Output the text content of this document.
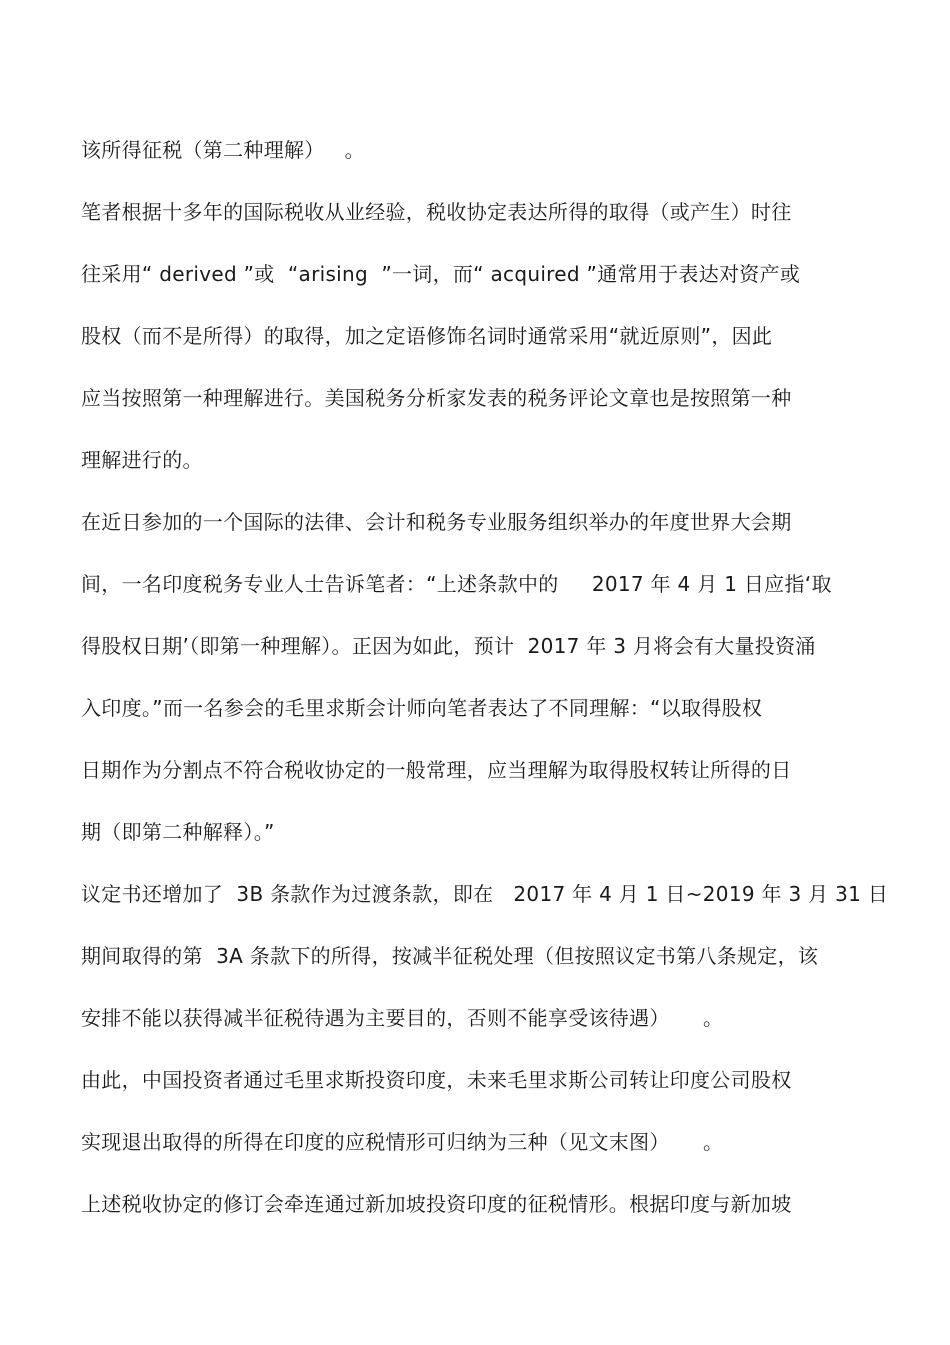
该所得征税（第二种理解）   。
笔者根据十多年的国际税收从业经验，税收协定表达所得的取得（或产生）时往
往采用“ derived ”或  “arising  ”一词，而“ acquired ”通常用于表达对资产或
股权（而不是所得）的取得，加之定语修饰名词时通常采用“就近原则”，因此
应当按照第一种理解进行。美国税务分析家发表的税务评论文章也是按照第一种
理解进行的。
在近日参加的一个国际的法律、会计和税务专业服务组织举办的年度世界大会期
间，一名印度税务专业人士告诉笔者：“上述条款中的     2017 年 4 月 1 日应指‘取
得股权日期’（即第一种理解）。正因为如此，预计  2017 年 3 月将会有大量投资涌
入印度。”而一名参会的毛里求斯会计师向笔者表达了不同理解：“以取得股权
日期作为分割点不符合税收协定的一般常理，应当理解为取得股权转让所得的日
期（即第二种解释）。”
议定书还增加了  3B 条款作为过渡条款，即在   2017 年 4 月 1 日~2019 年 3 月 31 日
期间取得的第  3A 条款下的所得，按减半征税处理（但按照议定书第八条规定，该
安排不能以获得减半征税待遇为主要目的，否则不能享受该待遇）     。
由此，中国投资者通过毛里求斯投资印度，未来毛里求斯公司转让印度公司股权
实现退出取得的所得在印度的应税情形可归纳为三种（见文末图）     。
上述税收协定的修订会牵连通过新加坡投资印度的征税情形。根据印度与新加坡
